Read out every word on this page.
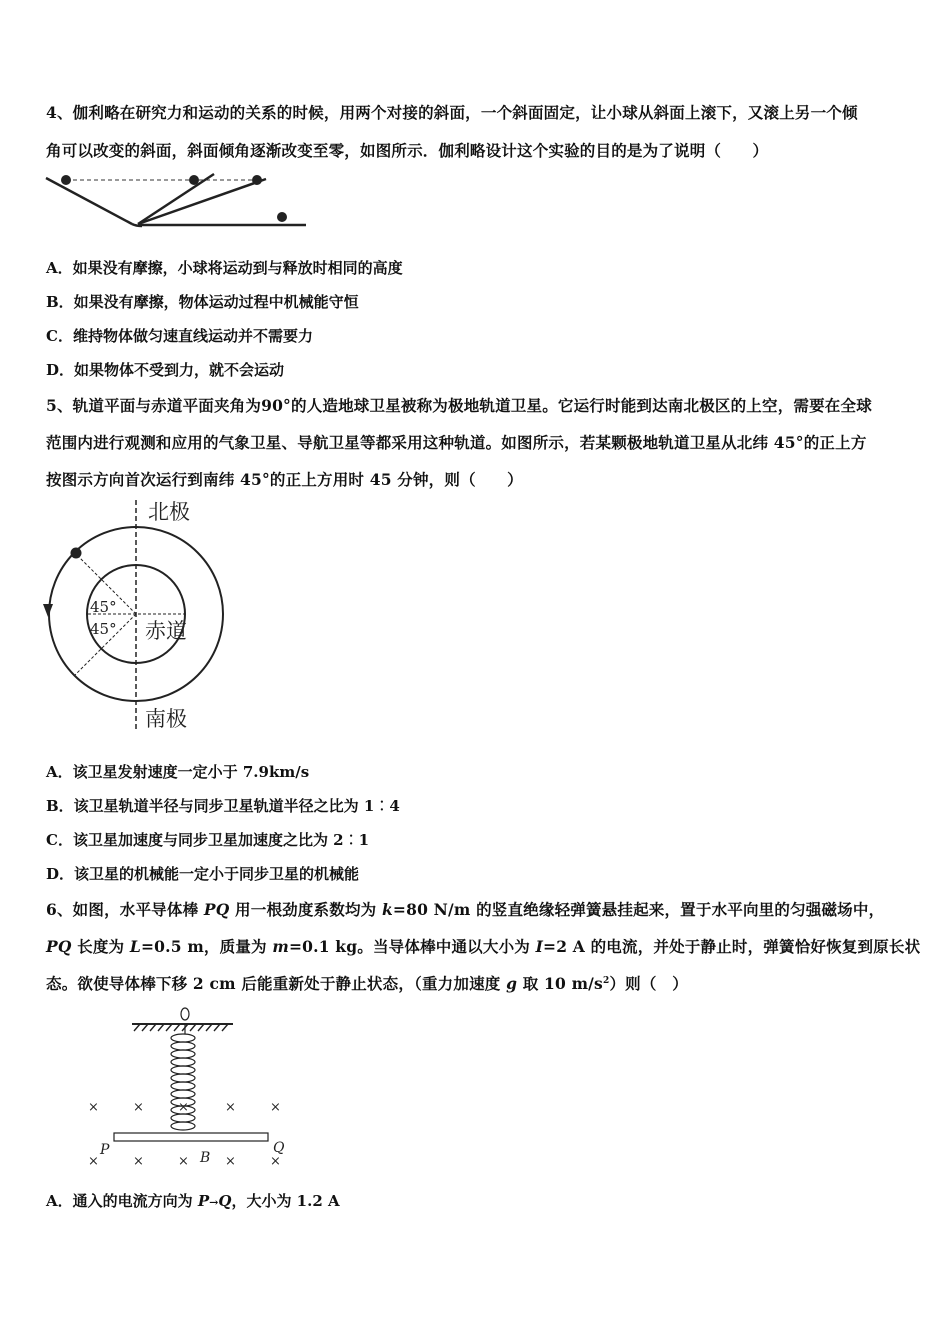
4、伽利略在研究力和运动的关系的时候，用两个对接的斜面，一个斜面固定，让小球从斜面上滚下，又滚上另一个倾
角可以改变的斜面，斜面倾角逐渐改变至零，如图所示．伽利略设计这个实验的目的是为了说明（　　）
A．如果没有摩擦，小球将运动到与释放时相同的高度
B．如果没有摩擦，物体运动过程中机械能守恒
C．维持物体做匀速直线运动并不需要力
D．如果物体不受到力，就不会运动
5、轨道平面与赤道平面夹角为90°的人造地球卫星被称为极地轨道卫星。它运行时能到达南北极区的上空，需要在全球
范围内进行观测和应用的气象卫星、导航卫星等都采用这种轨道。如图所示，若某颗极地轨道卫星从北纬 45°的正上方
按图示方向首次运行到南纬 45°的正上方用时 45 分钟，则（　　）
北极
南极
赤道
45°
45°
A．该卫星发射速度一定小于 7.9km/s
B．该卫星轨道半径与同步卫星轨道半径之比为 1︰4
C．该卫星加速度与同步卫星加速度之比为 2︰1
D．该卫星的机械能一定小于同步卫星的机械能
6、如图，水平导体棒 PQ 用一根劲度系数均为 k=80 N/m 的竖直绝缘轻弹簧悬挂起来，置于水平向里的匀强磁场中，
PQ 长度为 L=0.5 m，质量为 m=0.1 kg。当导体棒中通以大小为 I=2 A 的电流，并处于静止时，弹簧恰好恢复到原长状
态。欲使导体棒下移 2 cm 后能重新处于静止状态，（重力加速度 g 取 10 $m/s^2$）则（　）
×	×	×	×	×
×	×	×	×	×
P	Q
B
A．通入的电流方向为 P→Q，大小为 1.2 A
